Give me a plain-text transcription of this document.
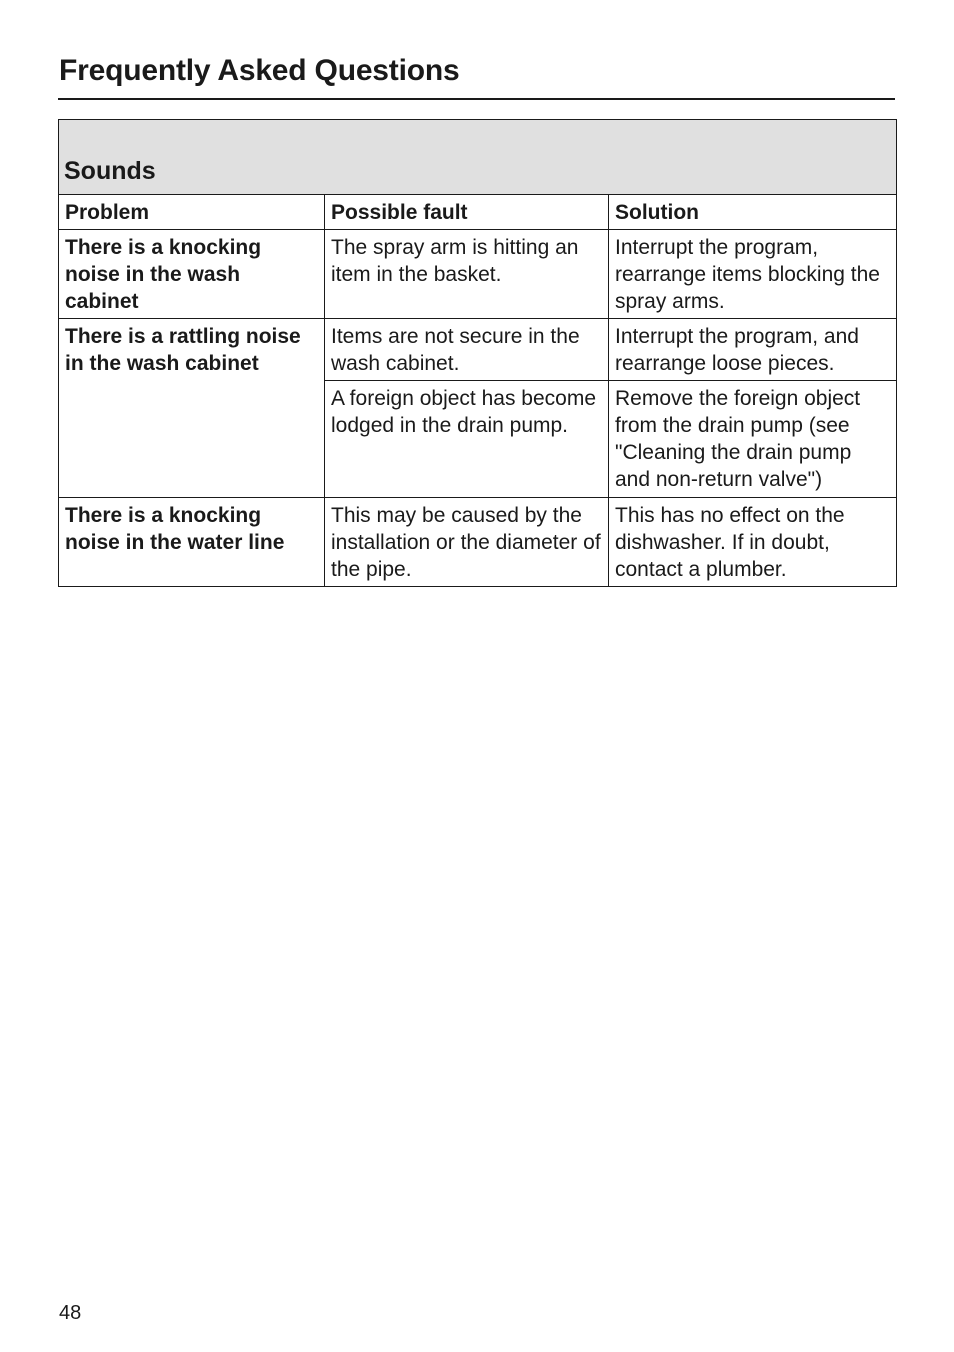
Frequently Asked Questions
Sounds		
Problem	Possible fault	Solution
There is a knocking noise in the wash cabinet	The spray arm is hitting an item in the basket.	Interrupt the program, rearrange items blocking the spray arms.
There is a rattling noise in the wash cabinet	Items are not secure in the wash cabinet.	Interrupt the program, and rearrange loose pieces.
	A foreign object has become lodged in the drain pump.	Remove the foreign object from the drain pump (see "Cleaning the drain pump and non-return valve")
There is a knocking noise in the water line	This may be caused by the installation or the diameter of the pipe.	This has no effect on the dishwasher. If in doubt, contact a plumber.
48
